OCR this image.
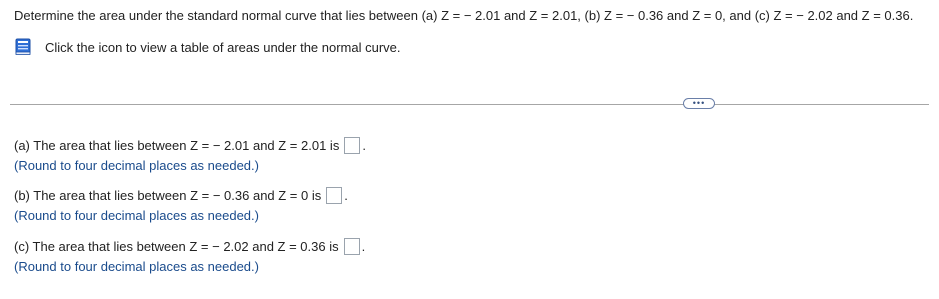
Determine the area under the standard normal curve that lies between (a) Z = − 2.01 and Z = 2.01, (b) Z = − 0.36 and Z = 0, and (c) Z = − 2.02 and Z = 0.36.
Click the icon to view a table of areas under the normal curve.
•••
(a) The area that lies between Z = − 2.01 and Z = 2.01 is .
(Round to four decimal places as needed.)
(b) The area that lies between Z = − 0.36 and Z = 0 is .
(Round to four decimal places as needed.)
(c) The area that lies between Z = − 2.02 and Z = 0.36 is .
(Round to four decimal places as needed.)
